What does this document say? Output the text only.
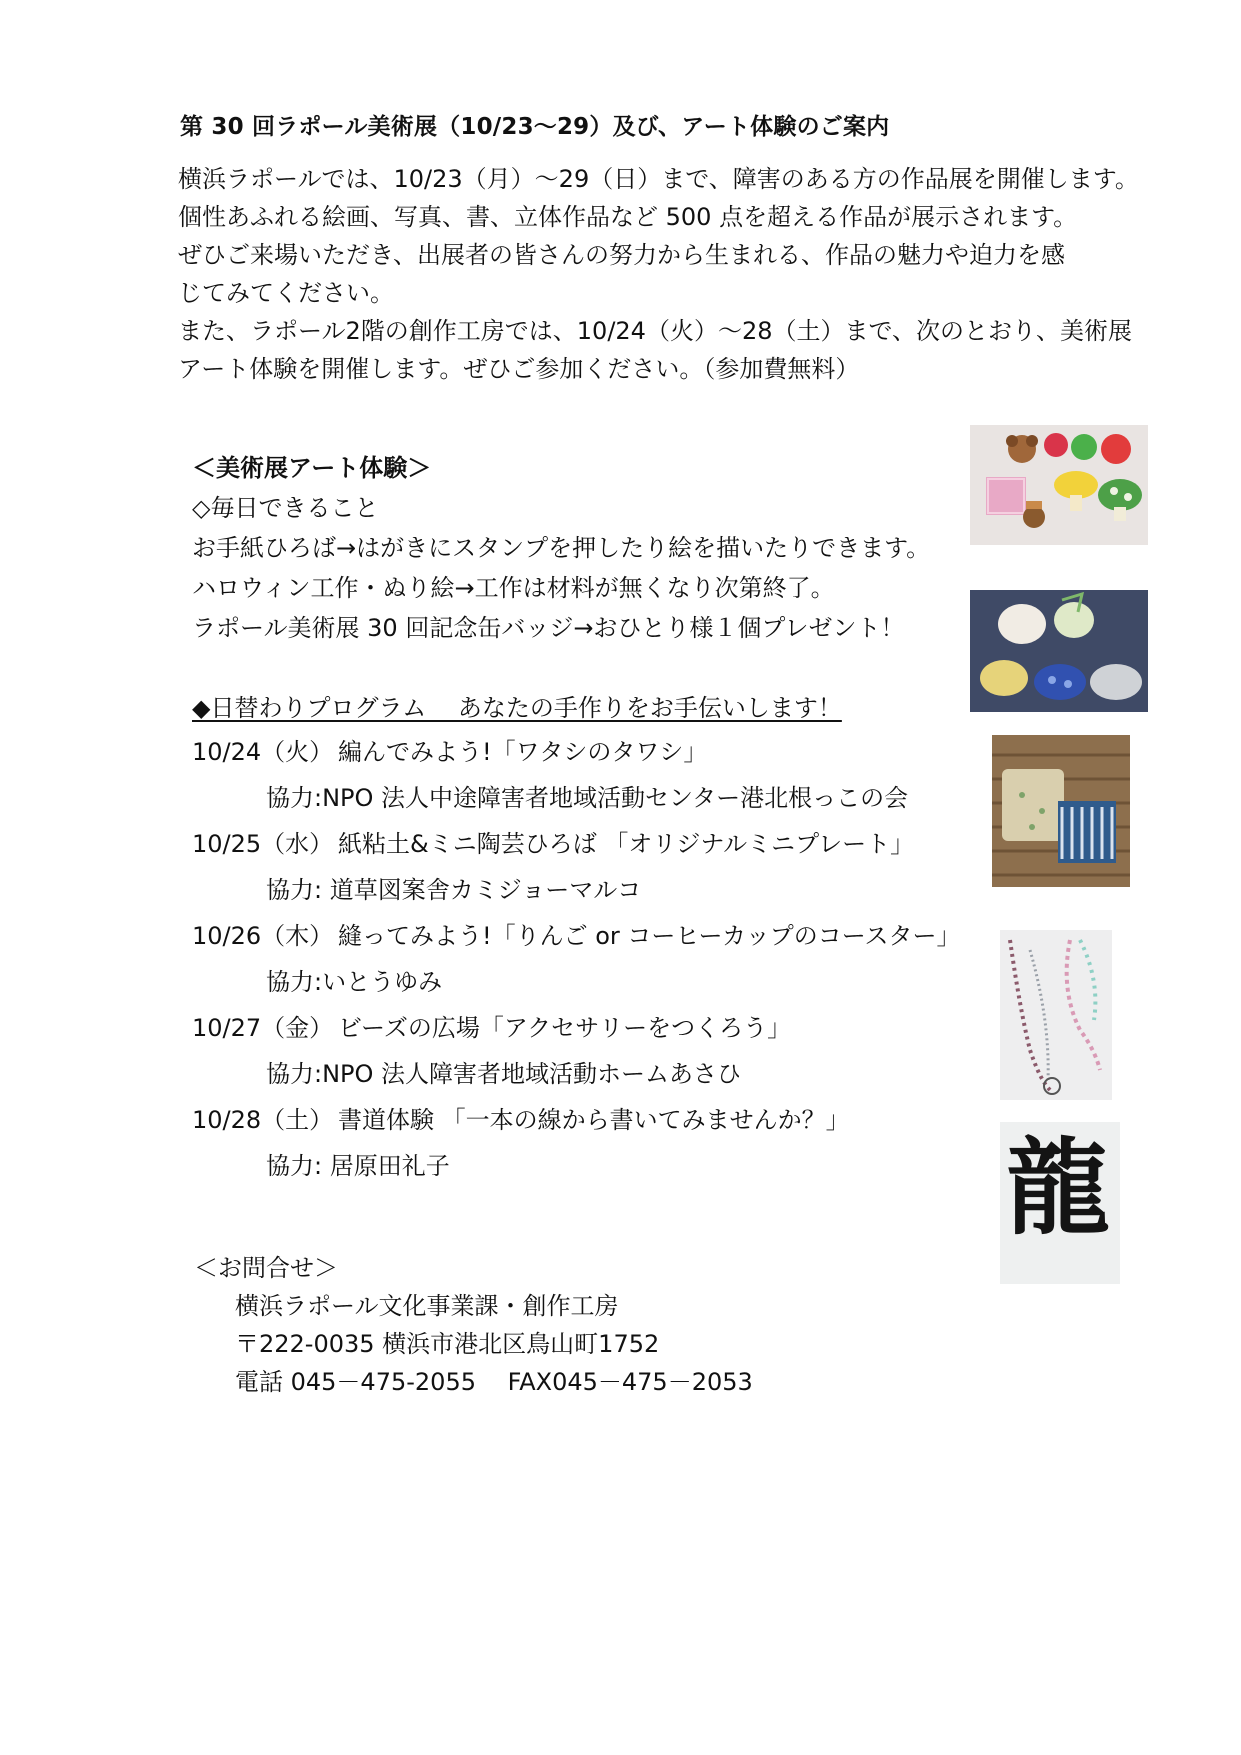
第 30 回ラポール美術展（10/23～29）及び、アート体験のご案内
横浜ラポールでは、10/23（月）～29（日）まで、障害のある方の作品展を開催します。
個性あふれる絵画、写真、書、立体作品など 500 点を超える作品が展示されます。
ぜひご来場いただき、出展者の皆さんの努力から生まれる、作品の魅力や迫力を感
じてみてください。
また、ラポール2階の創作工房では、10/24（火）～28（土）まで、次のとおり、美術展
アート体験を開催します。ぜひご参加ください。（参加費無料）
＜美術展アート体験＞
◇毎日できること
お手紙ひろば→はがきにスタンプを押したり絵を描いたりできます。
ハロウィン工作・ぬり絵→工作は材料が無くなり次第終了。
ラポール美術展 30 回記念缶バッジ→おひとり様１個プレゼント！
◆日替わりプログラム　 あなたの手作りをお手伝いします！
10/24（火） 編んでみよう!「ワタシのタワシ」
協力:NPO 法人中途障害者地域活動センター港北根っこの会
10/25（水） 紙粘土&ミニ陶芸ひろば 「オリジナルミニプレート」
協力: 道草図案舎カミジョーマルコ
10/26（木） 縫ってみよう!「りんご or コーヒーカップのコースター」
協力:いとうゆみ
10/27（金） ビーズの広場「アクセサリーをつくろう」
協力:NPO 法人障害者地域活動ホームあさひ
10/28（土） 書道体験 「一本の線から書いてみませんか？」
協力: 居原田礼子
＜お問合せ＞
横浜ラポール文化事業課・創作工房
〒222-0035 横浜市港北区鳥山町1752
電話 045－475-2055 　FAX045－475－2053
龍
